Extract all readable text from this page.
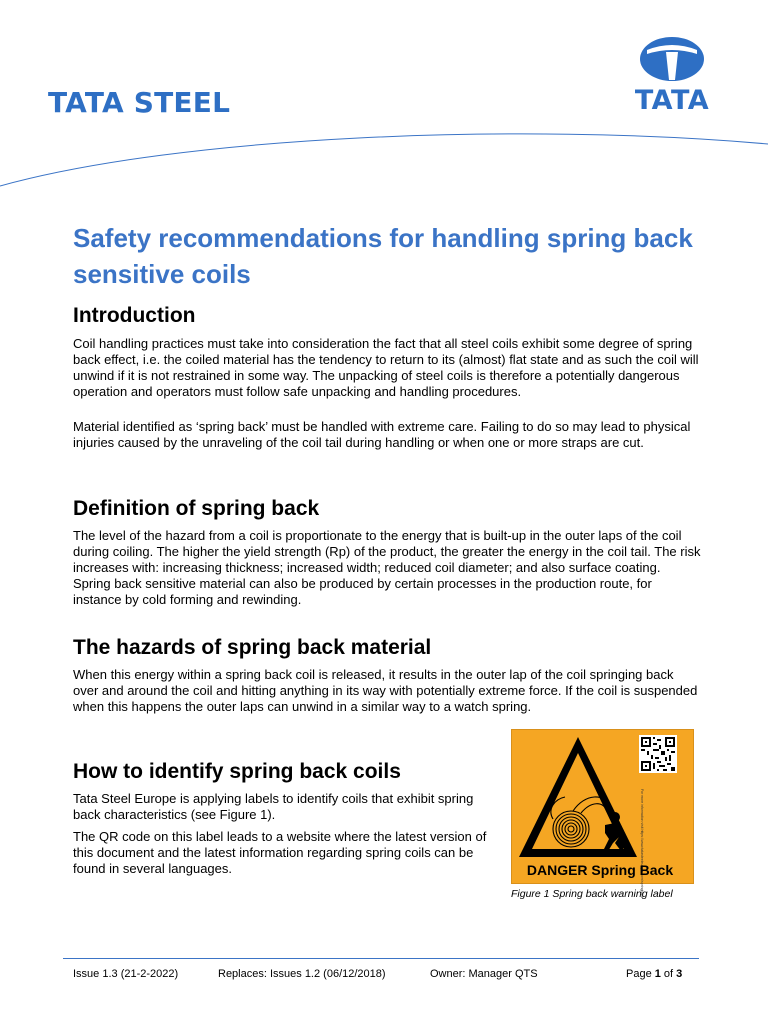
TATA STEEL	TATA

Safety recommendations for handling spring back sensitive coils
Introduction

Coil handling practices must take into consideration the fact that all steel coils exhibit some degree of spring back effect, i.e. the coiled material has the tendency to return to its (almost) flat state and as such the coil will unwind if it is not restrained in some way. The unpacking of steel coils is therefore a potentially dangerous operation and operators must follow safe unpacking and handling procedures.

Material identified as ‘spring back’ must be handled with extreme care. Failing to do so may lead to physical injuries caused by the unraveling of the coil tail during handling or when one or more straps are cut.

Definition of spring back

The level of the hazard from a coil is proportionate to the energy that is built-up in the outer laps of the coil during coiling. The higher the yield strength (Rp) of the product, the greater the energy in the coil tail. The risk increases with: increasing thickness; increased width; reduced coil diameter; and also surface coating. Spring back sensitive material can also be produced by certain processes in the production route, for instance by cold forming and rewinding.

The hazards of spring back material

When this energy within a spring back coil is released, it results in the outer lap of the coil springing back over and around the coil and hitting anything in its way with potentially extreme force. If the coil is suspended when this happens the outer laps can unwind in a similar way to a watch spring.

How to identify spring back coils

Tata Steel Europe is applying labels to identify coils that exhibit spring back characteristics (see Figure 1).

The QR code on this label leads to a website where the latest version of this document and the latest information regarding spring coils can be found in several languages.	For more information visit https://www.tatasteeleurope.com/springback

DANGER Spring Back

Figure 1 Spring back warning label

Issue 1.3 (21-2-2022)	Replaces: Issues 1.2 (06/12/2018)	Owner: Manager QTS	Page 1 of 3
